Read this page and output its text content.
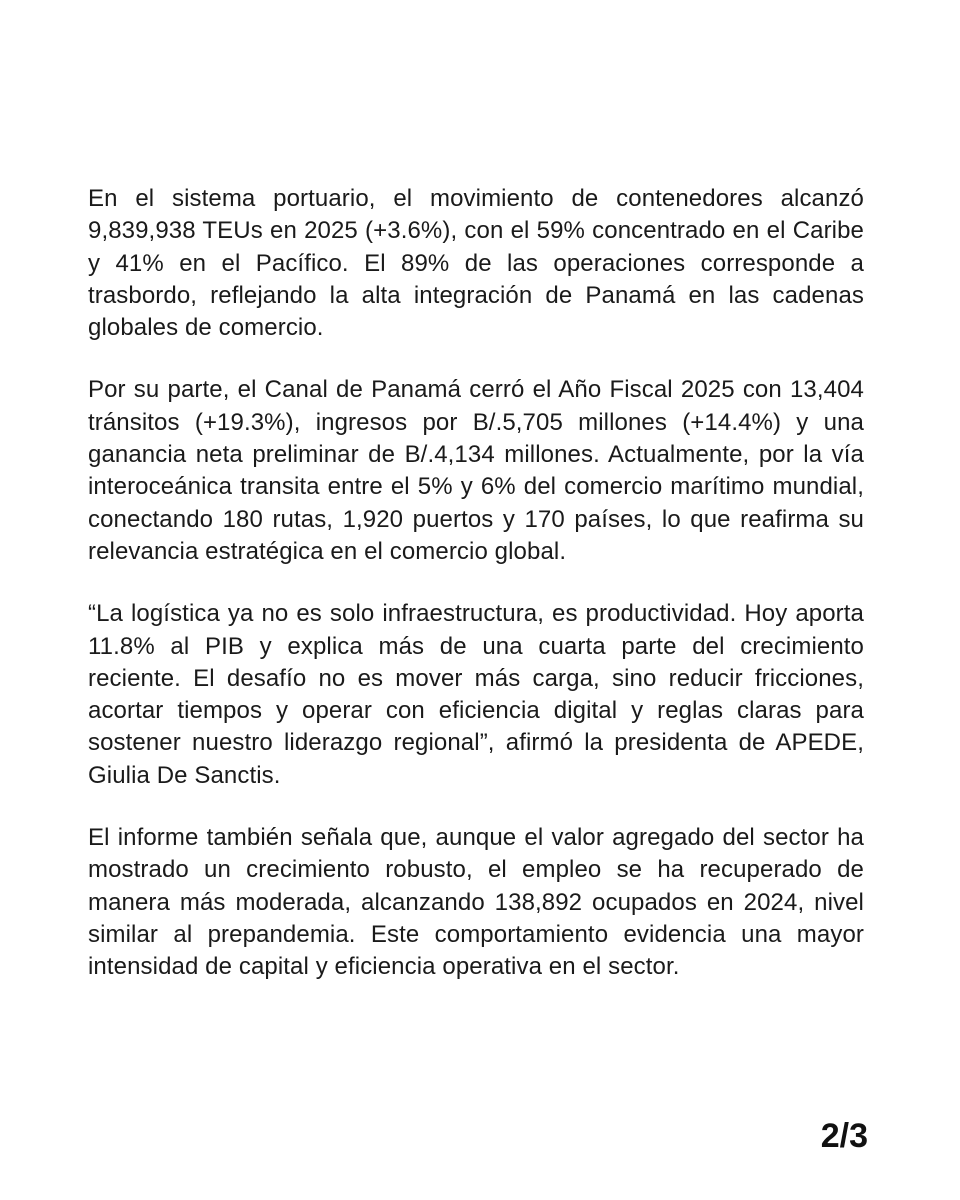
En el sistema portuario, el movimiento de contenedores alcanzó 9,839,938 TEUs en 2025 (+3.6%), con el 59% concentrado en el Caribe y 41% en el Pacífico. El 89% de las operaciones corresponde a trasbordo, reflejando la alta integración de Panamá en las cadenas globales de comercio.

Por su parte, el Canal de Panamá cerró el Año Fiscal 2025 con 13,404 tránsitos (+19.3%), ingresos por B/.5,705 millones (+14.4%) y una ganancia neta preliminar de B/.4,134 millones. Actualmente, por la vía interoceánica transita entre el 5% y 6% del comercio marítimo mundial, conectando 180 rutas, 1,920 puertos y 170 países, lo que reafirma su relevancia estratégica en el comercio global.

“La logística ya no es solo infraestructura, es productividad. Hoy aporta 11.8% al PIB y explica más de una cuarta parte del crecimiento reciente. El desafío no es mover más carga, sino reducir fricciones, acortar tiempos y operar con eficiencia digital y reglas claras para sostener nuestro liderazgo regional”, afirmó la presidenta de APEDE, Giulia De Sanctis.

El informe también señala que, aunque el valor agregado del sector ha mostrado un crecimiento robusto, el empleo se ha recuperado de manera más moderada, alcanzando 138,892 ocupados en 2024, nivel similar al prepandemia. Este comportamiento evidencia una mayor intensidad de capital y eficiencia operativa en el sector.

2/3
